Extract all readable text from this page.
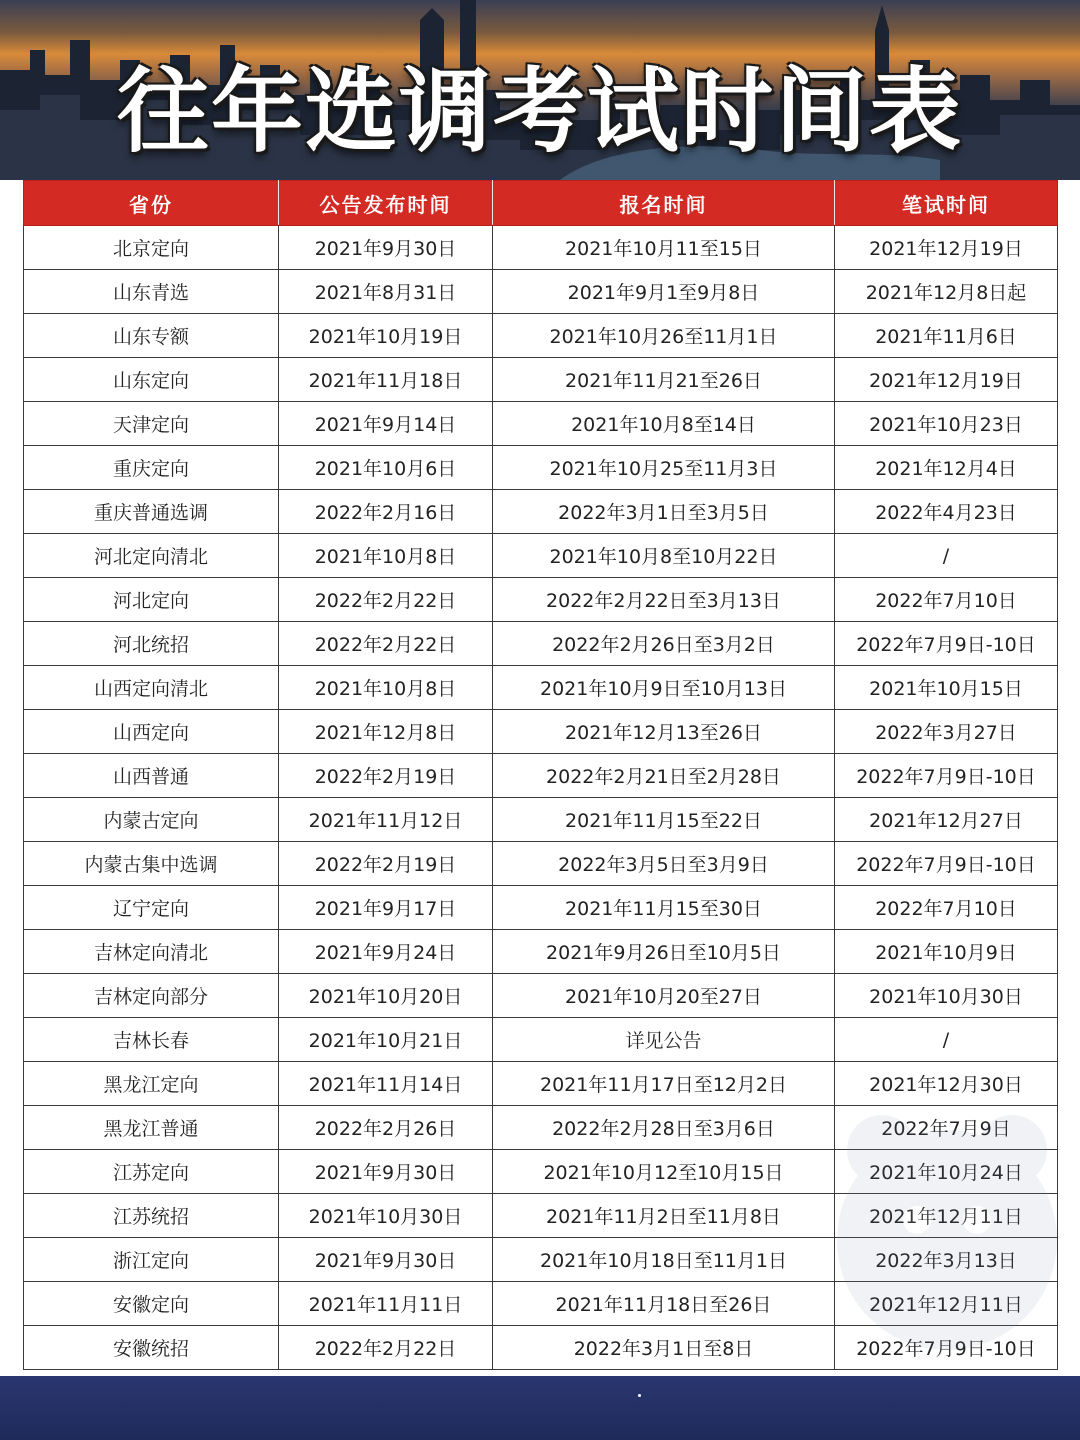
往年选调考试时间表
省份	公告发布时间	报名时间	笔试时间
北京定向	2021年9月30日	2021年10月11至15日	2021年12月19日
山东青选	2021年8月31日	2021年9月1至9月8日	2021年12月8日起
山东专额	2021年10月19日	2021年10月26至11月1日	2021年11月6日
山东定向	2021年11月18日	2021年11月21至26日	2021年12月19日
天津定向	2021年9月14日	2021年10月8至14日	2021年10月23日
重庆定向	2021年10月6日	2021年10月25至11月3日	2021年12月4日
重庆普通选调	2022年2月16日	2022年3月1日至3月5日	2022年4月23日
河北定向清北	2021年10月8日	2021年10月8至10月22日	/
河北定向	2022年2月22日	2022年2月22日至3月13日	2022年7月10日
河北统招	2022年2月22日	2022年2月26日至3月2日	2022年7月9日-10日
山西定向清北	2021年10月8日	2021年10月9日至10月13日	2021年10月15日
山西定向	2021年12月8日	2021年12月13至26日	2022年3月27日
山西普通	2022年2月19日	2022年2月21日至2月28日	2022年7月9日-10日
内蒙古定向	2021年11月12日	2021年11月15至22日	2021年12月27日
内蒙古集中选调	2022年2月19日	2022年3月5日至3月9日	2022年7月9日-10日
辽宁定向	2021年9月17日	2021年11月15至30日	2022年7月10日
吉林定向清北	2021年9月24日	2021年9月26日至10月5日	2021年10月9日
吉林定向部分	2021年10月20日	2021年10月20至27日	2021年10月30日
吉林长春	2021年10月21日	详见公告	/
黑龙江定向	2021年11月14日	2021年11月17日至12月2日	2021年12月30日
黑龙江普通	2022年2月26日	2022年2月28日至3月6日	2022年7月9日
江苏定向	2021年9月30日	2021年10月12至10月15日	2021年10月24日
江苏统招	2021年10月30日	2021年11月2日至11月8日	2021年12月11日
浙江定向	2021年9月30日	2021年10月18日至11月1日	2022年3月13日
安徽定向	2021年11月11日	2021年11月18日至26日	2021年12月11日
安徽统招	2022年2月22日	2022年3月1日至8日	2022年7月9日-10日
